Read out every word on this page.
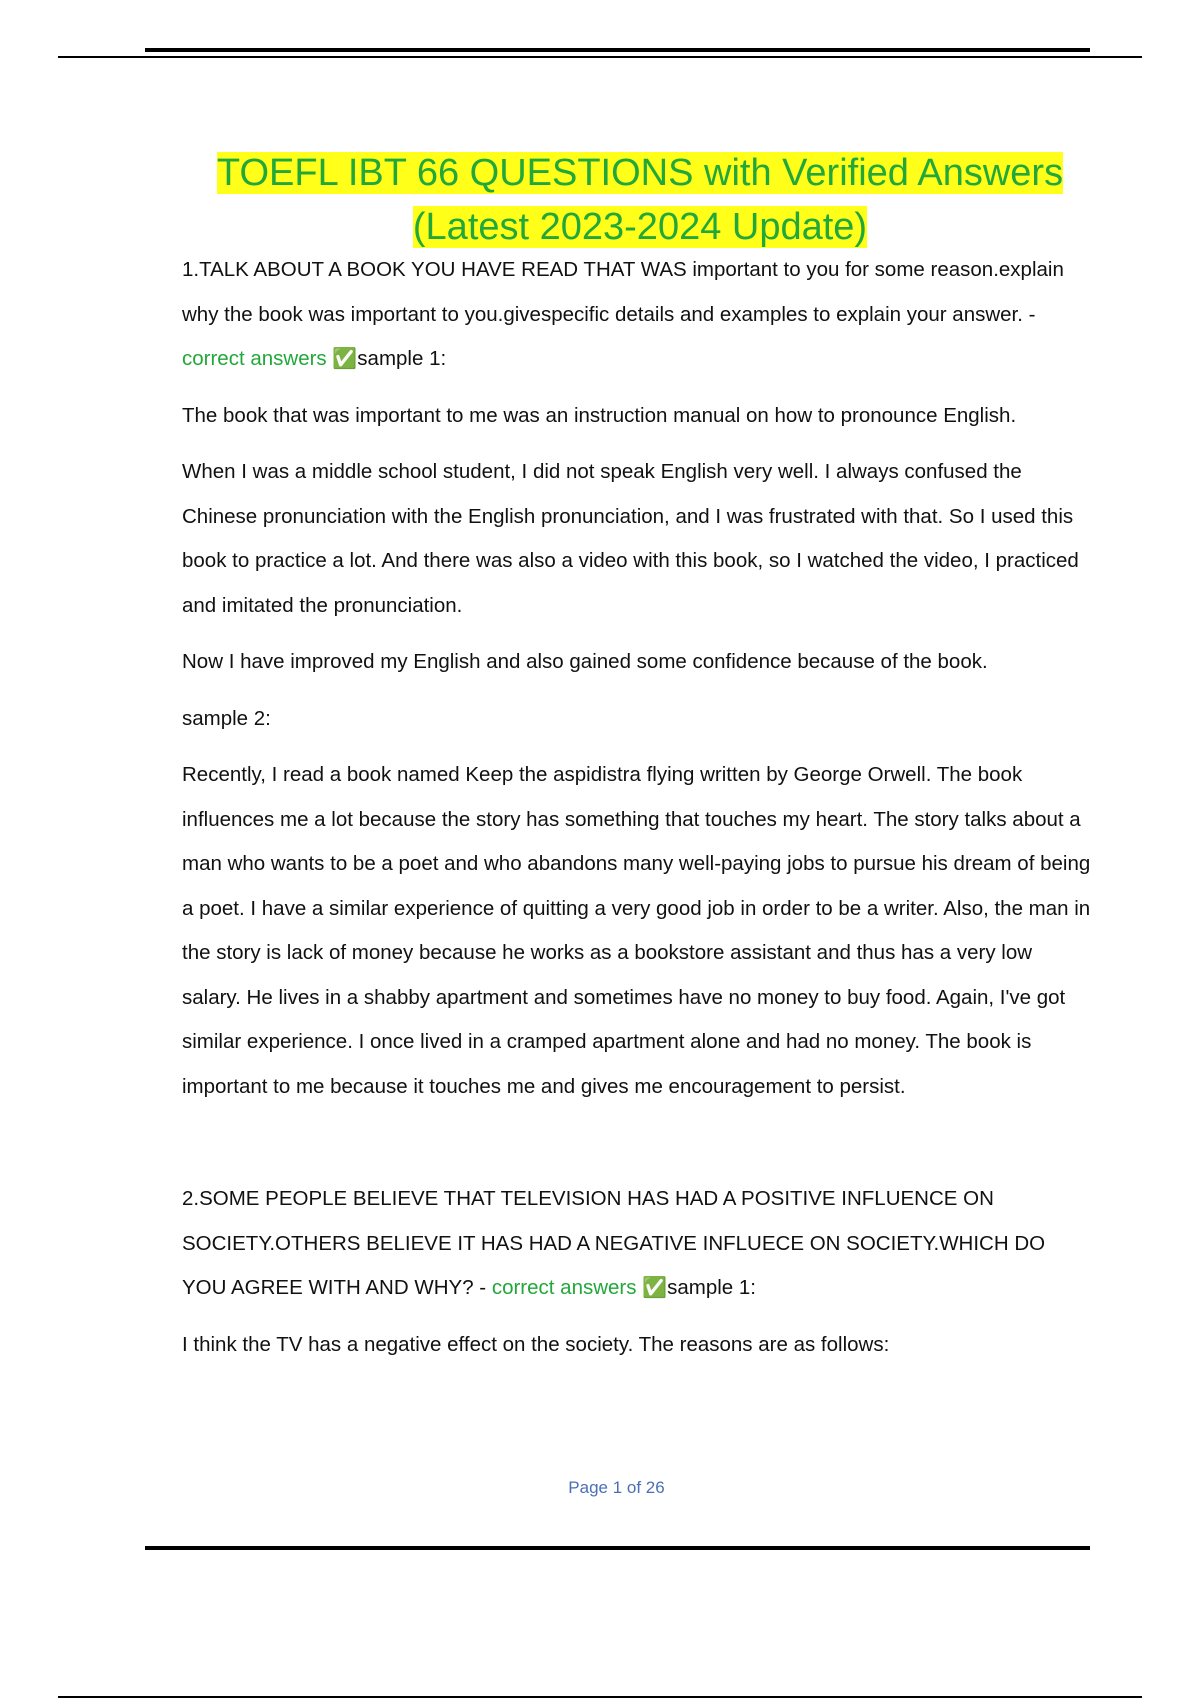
TOEFL IBT 66 QUESTIONS with Verified Answers
(Latest 2023-2024 Update)

1.TALK ABOUT A BOOK YOU HAVE READ THAT WAS important to you for some reason.explain why the book was important to you.givespecific details and examples to explain your answer. - correct answers ✅sample 1:

The book that was important to me was an instruction manual on how to pronounce English.

When I was a middle school student, I did not speak English very well. I always confused the Chinese pronunciation with the English pronunciation, and I was frustrated with that. So I used this book to practice a lot. And there was also a video with this book, so I watched the video, I practiced and imitated the pronunciation.

Now I have improved my English and also gained some confidence because of the book.

sample 2:

Recently, I read a book named Keep the aspidistra flying written by George Orwell. The book influences me a lot because the story has something that touches my heart. The story talks about a man who wants to be a poet and who abandons many well-paying jobs to pursue his dream of being a poet. I have a similar experience of quitting a very good job in order to be a writer. Also, the man in the story is lack of money because he works as a bookstore assistant and thus has a very low salary. He lives in a shabby apartment and sometimes have no money to buy food. Again, I've got similar experience. I once lived in a cramped apartment alone and had no money. The book is important to me because it touches me and gives me encouragement to persist.

2.SOME PEOPLE BELIEVE THAT TELEVISION HAS HAD A POSITIVE INFLUENCE ON SOCIETY.OTHERS BELIEVE IT HAS HAD A NEGATIVE INFLUECE ON SOCIETY.WHICH DO YOU AGREE WITH AND WHY? - correct answers ✅sample 1:

I think the TV has a negative effect on the society. The reasons are as follows:

Page 1 of 26
